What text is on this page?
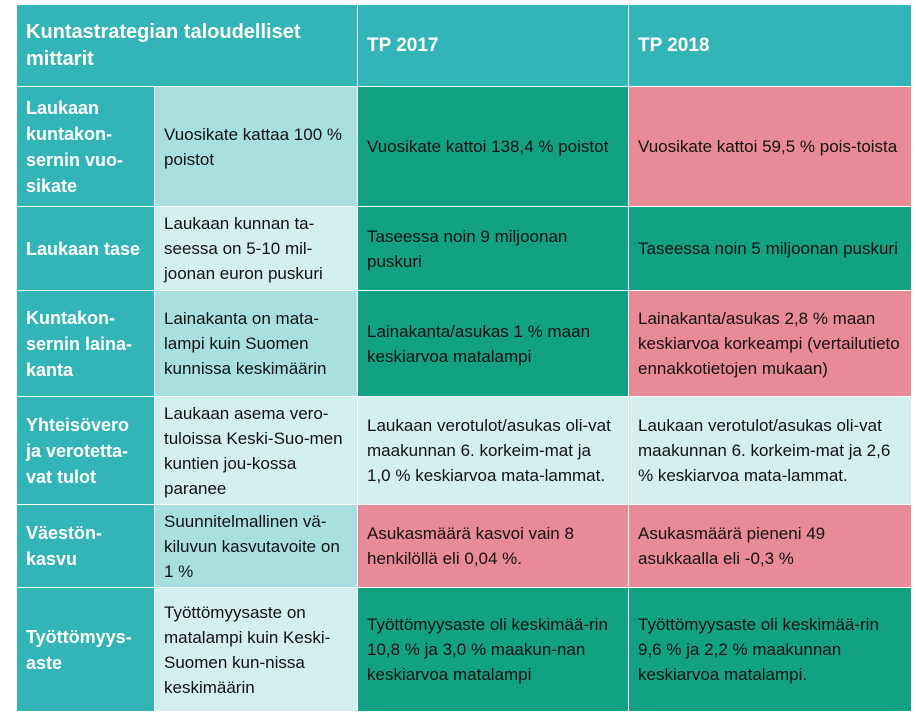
Kuntastrategian taloudelliset mittarit		TP 2017	TP 2018
Laukaan kuntakon-sernin vuo-sikate	Vuosikate kattaa 100 % poistot	Vuosikate kattoi 138,4 % poistot	Vuosikate kattoi 59,5 % pois-toista
Laukaan tase	Laukaan kunnan ta-seessa on 5-10 mil-joonan euron puskuri	Taseessa noin 9 miljoonan puskuri	Taseessa noin 5 miljoonan puskuri
Kuntakon-sernin laina-kanta	Lainakanta on mata-lampi kuin Suomen kunnissa keskimäärin	Lainakanta/asukas 1 % maan keskiarvoa matalampi	Lainakanta/asukas 2,8 % maan keskiarvoa korkeampi (vertailutieto ennakkotietojen mukaan)
Yhteisövero ja verotetta-vat tulot	Laukaan asema vero-tuloissa Keski-Suo-men kuntien jou-kossa paranee	Laukaan verotulot/asukas oli-vat maakunnan 6. korkeim-mat ja 1,0 % keskiarvoa mata-lammat.	Laukaan verotulot/asukas oli-vat maakunnan 6. korkeim-mat ja 2,6 % keskiarvoa mata-lammat.
Väestön-kasvu	Suunnitelmallinen vä-kiluvun kasvutavoite on 1 %	Asukasmäärä kasvoi vain 8 henkilöllä eli 0,04 %.	Asukasmäärä pieneni 49 asukkaalla eli -0,3 %
Työttömyys-aste	Työttömyysaste on matalampi kuin Keski-Suomen kun-nissa keskimäärin	Työttömyysaste oli keskimää-rin 10,8 % ja 3,0 % maakun-nan keskiarvoa matalampi	Työttömyysaste oli keskimää-rin 9,6 % ja 2,2 % maakunnan keskiarvoa matalampi.
